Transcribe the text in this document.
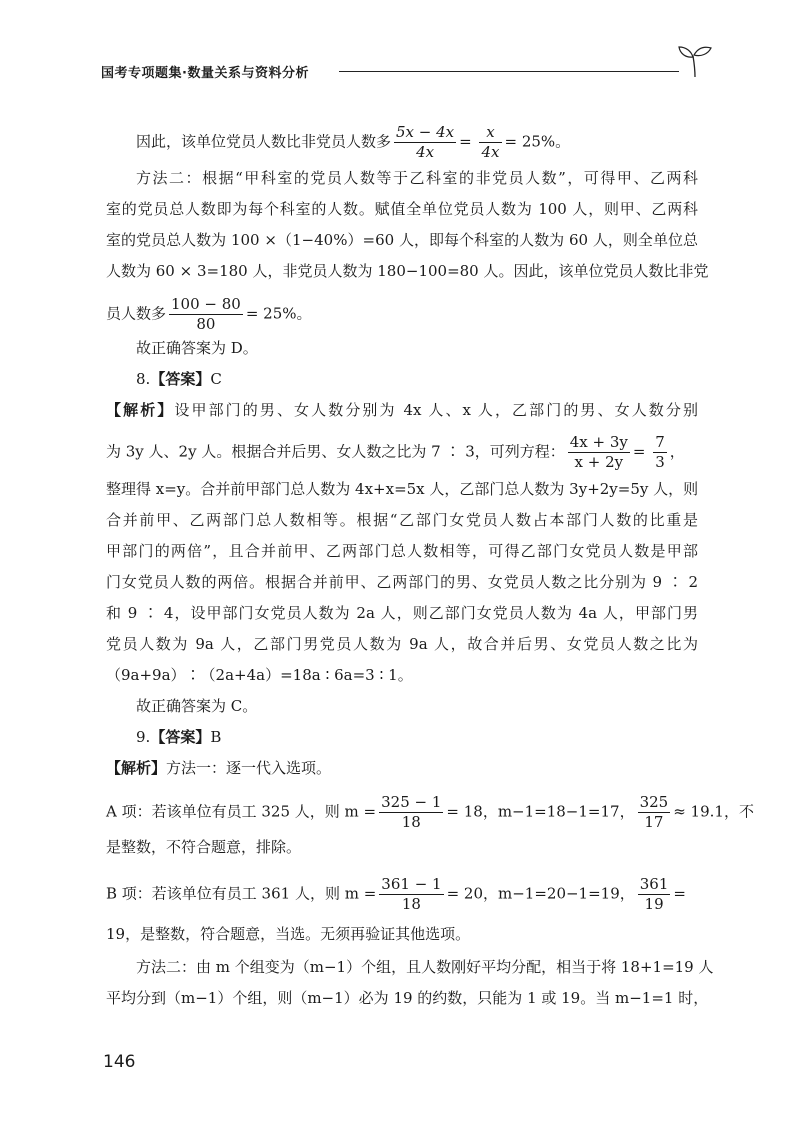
国考专项题集·数量关系与资料分析
因此，该单位党员人数比非党员人数多 $\frac{5x - 4x}{4x} = \frac{x}{4x} = 25\%$。
方法二：根据“甲科室的党员人数等于乙科室的非党员人数”，可得甲、乙两科
室的党员总人数即为每个科室的人数。赋值全单位党员人数为 100 人，则甲、乙两科
室的党员总人数为 100 ×（1−40%）=60 人，即每个科室的人数为 60 人，则全单位总
人数为 60 × 3=180 人，非党员人数为 180−100=80 人。因此，该单位党员人数比非党
员人数多 $\frac{100 - 80}{80} = 25\%$。
故正确答案为 D。
8.【答案】C
【解析】设甲部门的男、女人数分别为 4x 人、x 人，乙部门的男、女人数分别
为 3y 人、2y 人。根据合并后男、女人数之比为 7 ∶ 3，可列方程： $\frac{4x + 3y}{x + 2y} = \frac{7}{3}$ ，
整理得 x=y。合并前甲部门总人数为 4x+x=5x 人，乙部门总人数为 3y+2y=5y 人，则
合并前甲、乙两部门总人数相等。根据“乙部门女党员人数占本部门人数的比重是
甲部门的两倍”，且合并前甲、乙两部门总人数相等，可得乙部门女党员人数是甲部
门女党员人数的两倍。根据合并前甲、乙两部门的男、女党员人数之比分别为 9 ∶ 2
和 9 ∶ 4，设甲部门女党员人数为 2a 人，则乙部门女党员人数为 4a 人，甲部门男
党员人数为 9a 人，乙部门男党员人数为 9a 人，故合并后男、女党员人数之比为
（9a+9a）∶（2a+4a）=18a ∶ 6a=3 ∶ 1。
故正确答案为 C。
9.【答案】B
【解析】方法一：逐一代入选项。
A 项：若该单位有员工 325 人，则 $m = \frac{325 - 1}{18} = 18$，m−1=18−1=17， $\frac{325}{17} \approx 19.1$，不
是整数，不符合题意，排除。
B 项：若该单位有员工 361 人，则 $m = \frac{361 - 1}{18} = 20$，m−1=20−1=19， $\frac{361}{19}$ =
19，是整数，符合题意，当选。无须再验证其他选项。
方法二：由 m 个组变为（m−1）个组，且人数刚好平均分配，相当于将 18+1=19 人
平均分到（m−1）个组，则（m−1）必为 19 的约数，只能为 1 或 19。当 m−1=1 时，
146
